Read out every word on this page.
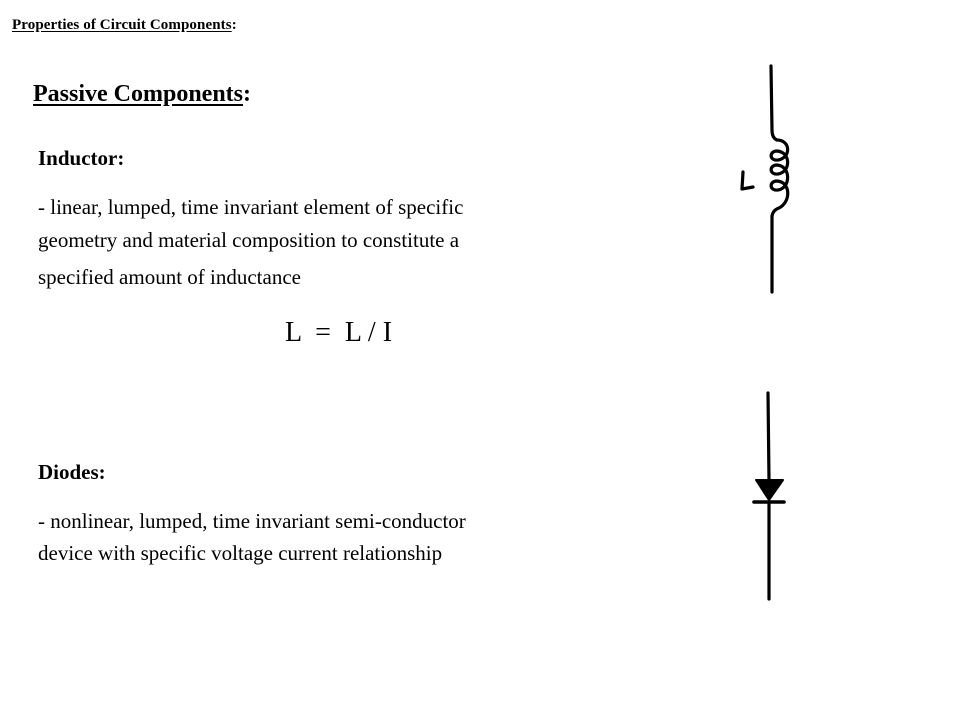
Properties of Circuit Components:
Passive Components:
Inductor:
- linear, lumped, time invariant element of specific
geometry and material composition to constitute a
specified amount of inductance
L  =  L / I
Diodes:
- nonlinear, lumped, time invariant semi-conductor
device with specific voltage current relationship
